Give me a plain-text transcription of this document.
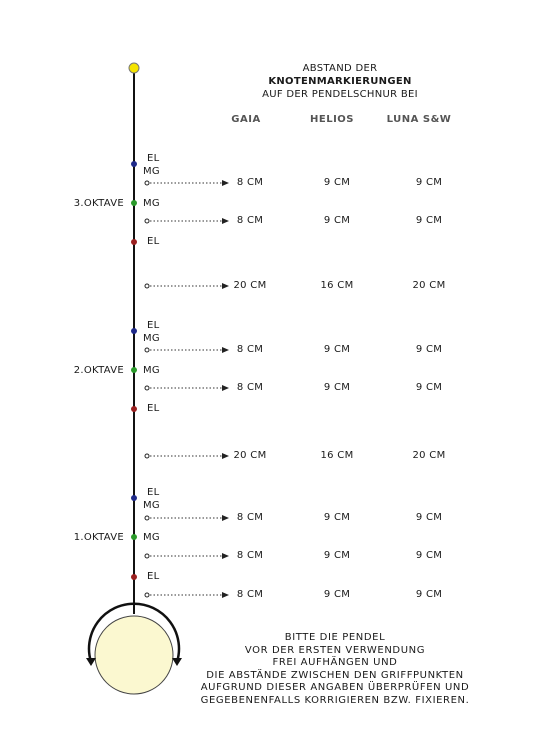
ABSTAND DER
KNOTENMARKIERUNGEN
AUF DER PENDELSCHNUR BEI
GAIA	HELIOS	LUNA S&W
3.OKTAVE
2.OKTAVE
1.OKTAVE
EL
MG
MG
EL
EL
MG
MG
EL
EL
MG
MG
EL
8 CM	9 CM	9 CM
8 CM	9 CM	9 CM
20 CM	16 CM	20 CM
8 CM	9 CM	9 CM
8 CM	9 CM	9 CM
20 CM	16 CM	20 CM
8 CM	9 CM	9 CM
8 CM	9 CM	9 CM
8 CM	9 CM	9 CM
BITTE DIE PENDEL
VOR DER ERSTEN VERWENDUNG
FREI AUFHÄNGEN UND
DIE ABSTÄNDE ZWISCHEN DEN GRIFFPUNKTEN
AUFGRUND DIESER ANGABEN ÜBERPRÜFEN UND
GEGEBENENFALLS KORRIGIEREN BZW. FIXIEREN.
